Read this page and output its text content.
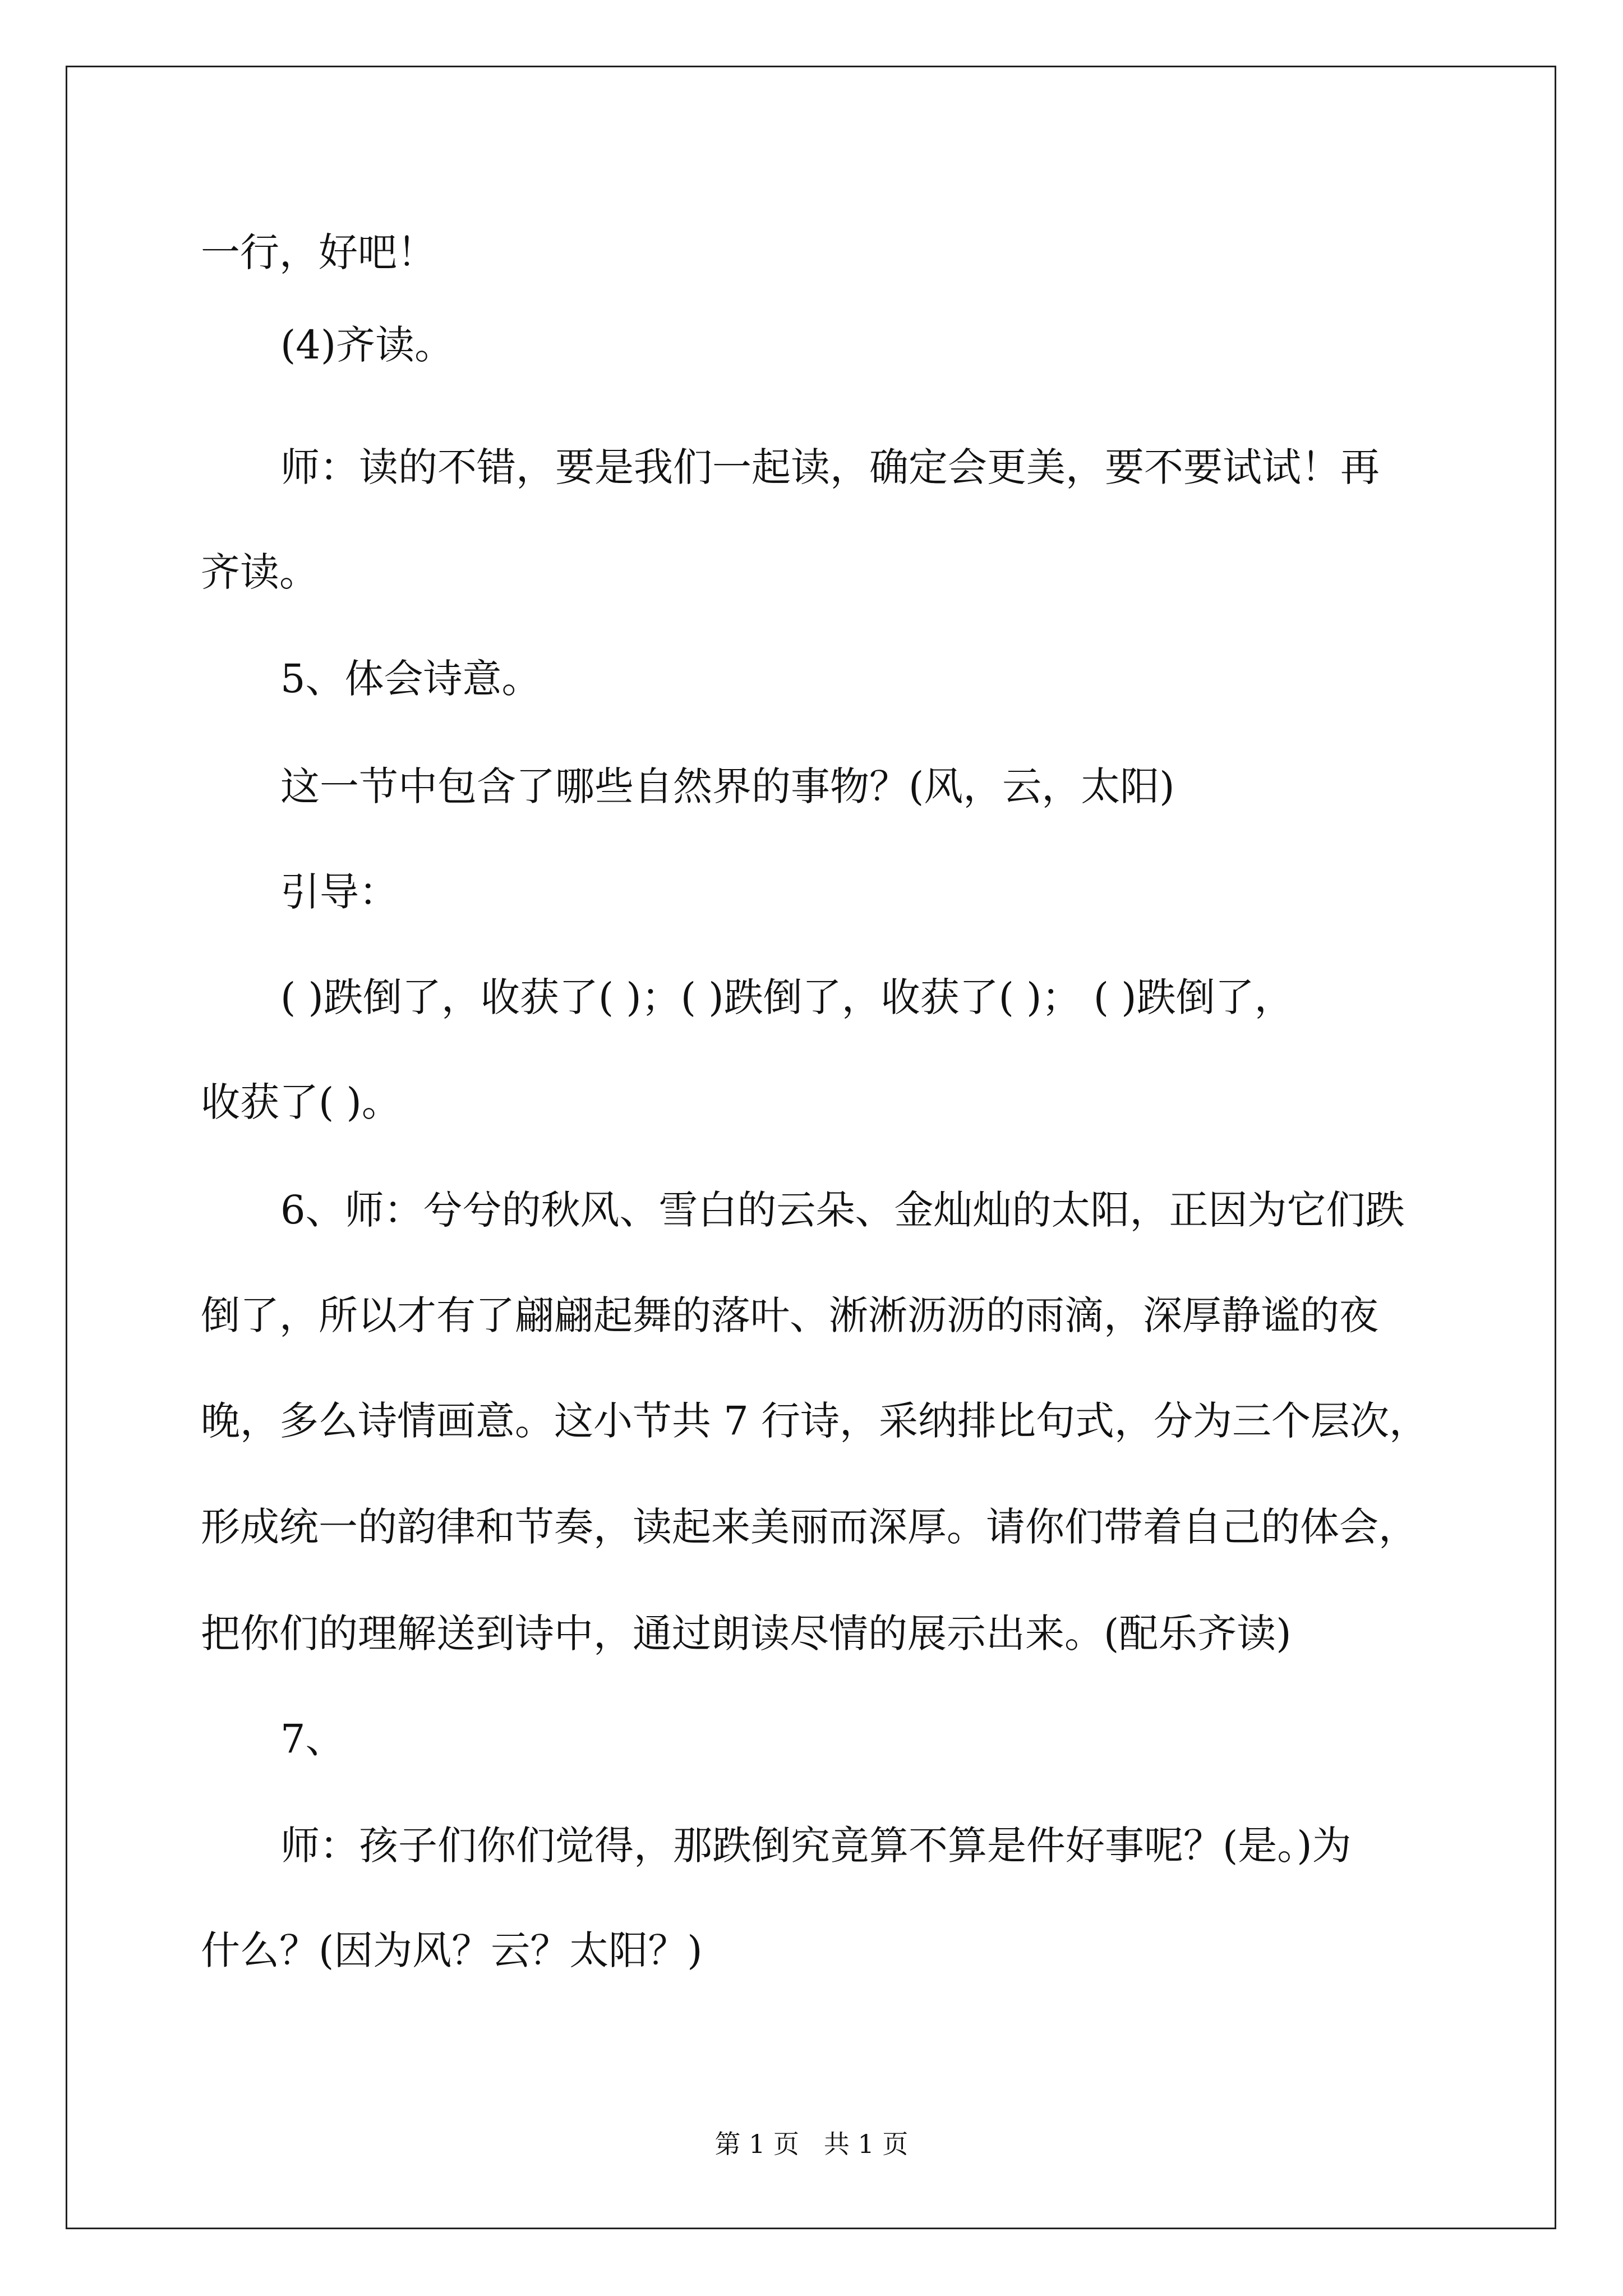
一行，好吧！
(4)齐读。
师：读的不错，要是我们一起读，确定会更美，要不要试试！再
齐读。
5、体会诗意。
这一节中包含了哪些自然界的事物？(风，云，太阳)
引导：
( )跌倒了，收获了( )；( )跌倒了，收获了( )； ( )跌倒了，
收获了( )。
6、师：兮兮的秋风、雪白的云朵、金灿灿的太阳，正因为它们跌
倒了，所以才有了翩翩起舞的落叶、淅淅沥沥的雨滴，深厚静谧的夜
晚，多么诗情画意。这小节共 7 行诗，采纳排比句式，分为三个层次，
形成统一的韵律和节奏，读起来美丽而深厚。请你们带着自己的体会，
把你们的理解送到诗中，通过朗读尽情的展示出来。(配乐齐读)
7、
师：孩子们你们觉得，那跌倒究竟算不算是件好事呢？(是。)为
什么？(因为风？云？太阳？)
第 1 页   共 1 页
